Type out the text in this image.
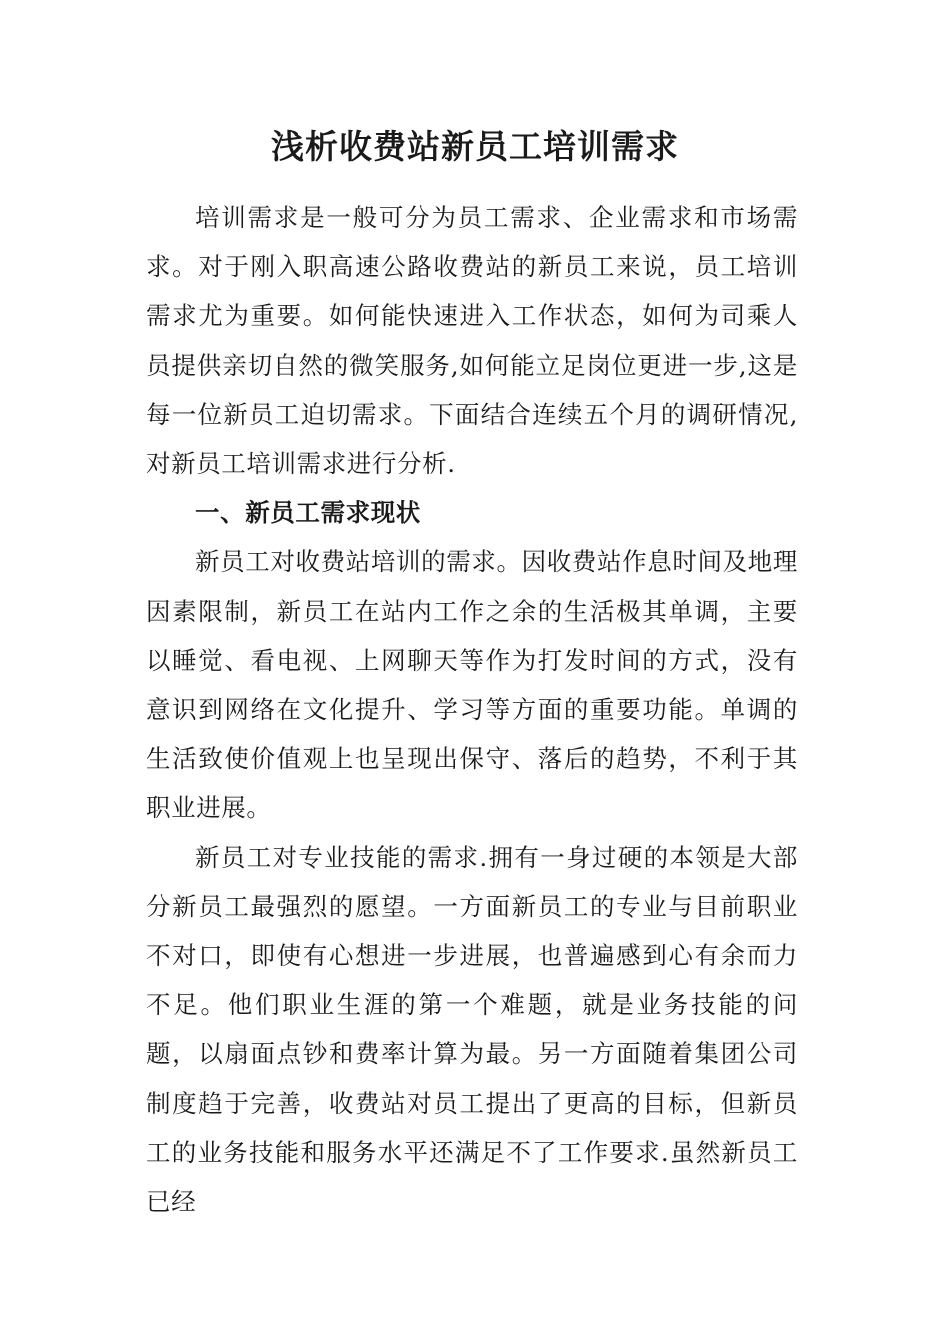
浅析收费站新员工培训需求

培训需求是一般可分为员工需求、企业需求和市场需求。对于刚入职高速公路收费站的新员工来说，员工培训需求尤为重要。如何能快速进入工作状态，如何为司乘人员提供亲切自然的微笑服务,如何能立足岗位更进一步,这是每一位新员工迫切需求。下面结合连续五个月的调研情况,对新员工培训需求进行分析.

一、新员工需求现状

新员工对收费站培训的需求。因收费站作息时间及地理因素限制，新员工在站内工作之余的生活极其单调，主要以睡觉、看电视、上网聊天等作为打发时间的方式，没有意识到网络在文化提升、学习等方面的重要功能。单调的生活致使价值观上也呈现出保守、落后的趋势，不利于其职业进展。

新员工对专业技能的需求.拥有一身过硬的本领是大部分新员工最强烈的愿望。一方面新员工的专业与目前职业不对口，即使有心想进一步进展，也普遍感到心有余而力不足。他们职业生涯的第一个难题，就是业务技能的问题，以扇面点钞和费率计算为最。另一方面随着集团公司制度趋于完善，收费站对员工提出了更高的目标，但新员工的业务技能和服务水平还满足不了工作要求.虽然新员工已经
